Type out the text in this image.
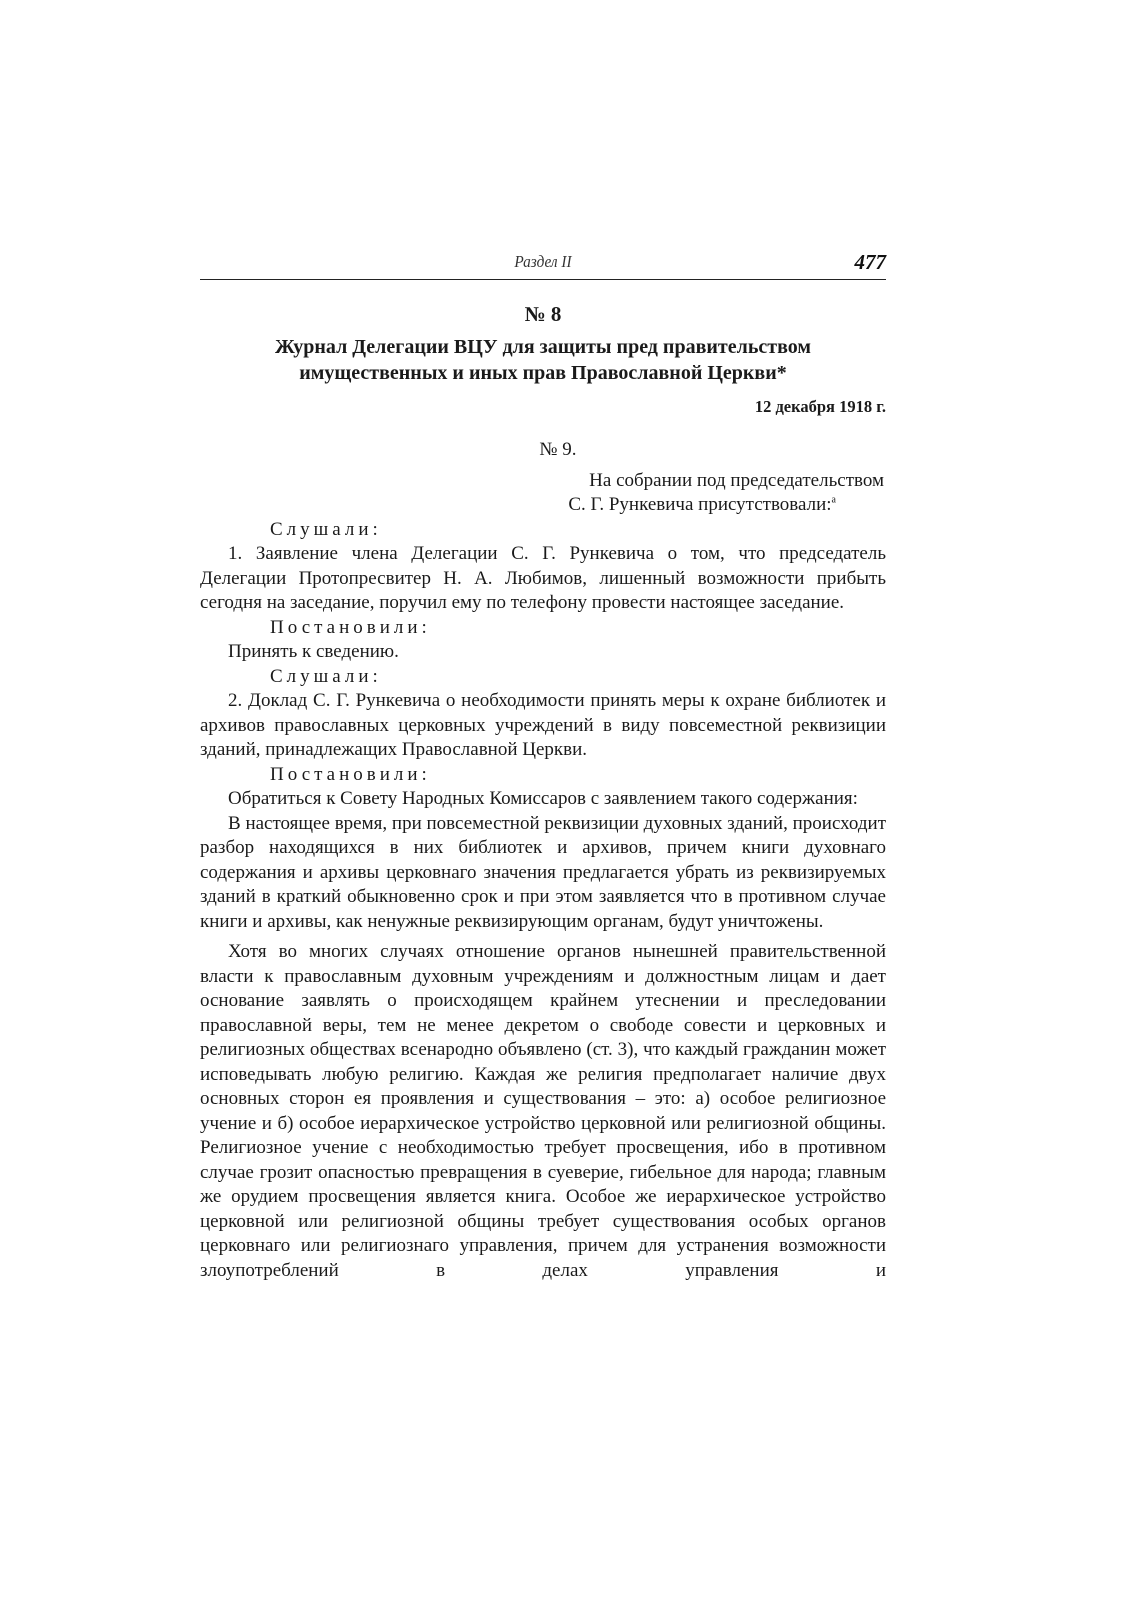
Раздел II	477
№ 8
Журнал Делегации ВЦУ для защиты пред правительством
имущественных и иных прав Православной Церкви*
12 декабря 1918 г.

№ 9.

На собрании под председательством

С. Г. Рункевича присутствовали:$^a$

Слушали:

1. Заявление члена Делегации С. Г. Рункевича о том, что председатель Делегации Протопресвитер Н. А. Любимов, лишенный возможности прибыть сегодня на заседание, поручил ему по телефону провести настоящее заседание.

Постановили:

Принять к сведению.

Слушали:

2. Доклад С. Г. Рункевича о необходимости принять меры к охране библиотек и архивов православных церковных учреждений в виду повсеместной реквизиции зданий, принадлежащих Православной Церкви.

Постановили:

Обратиться к Совету Народных Комиссаров с заявлением такого содержания:

В настоящее время, при повсеместной реквизиции духовных зданий, происходит разбор находящихся в них библиотек и архивов, причем книги духовнаго содержания и архивы церковнаго значения предлагается убрать из реквизируемых зданий в краткий обыкновенно срок и при этом заявляется что в противном случае книги и архивы, как ненужные реквизирующим органам, будут уничтожены.

Хотя во многих случаях отношение органов нынешней правительственной власти к православным духовным учреждениям и должностным лицам и дает основание заявлять о происходящем крайнем утеснении и преследовании православной веры, тем не менее декретом о свободе совести и церковных и религиозных обществах всенародно объявлено (ст. 3), что каждый гражданин может исповедывать любую религию. Каждая же религия предполагает наличие двух основных сторон ея проявления и существования – это: а) особое религиозное учение и б) особое иерархическое устройство церковной или религиозной общины. Религиозное учение с необходимостью требует просвещения, ибо в противном случае грозит опасностью превращения в суеверие, гибельное для народа; главным же орудием просвещения является книга. Особое же иерархическое устройство церковной или религиозной общины требует существования особых органов церковнаго или религиознаго управления, причем для устранения возможности злоупотреблений в делах управления и
